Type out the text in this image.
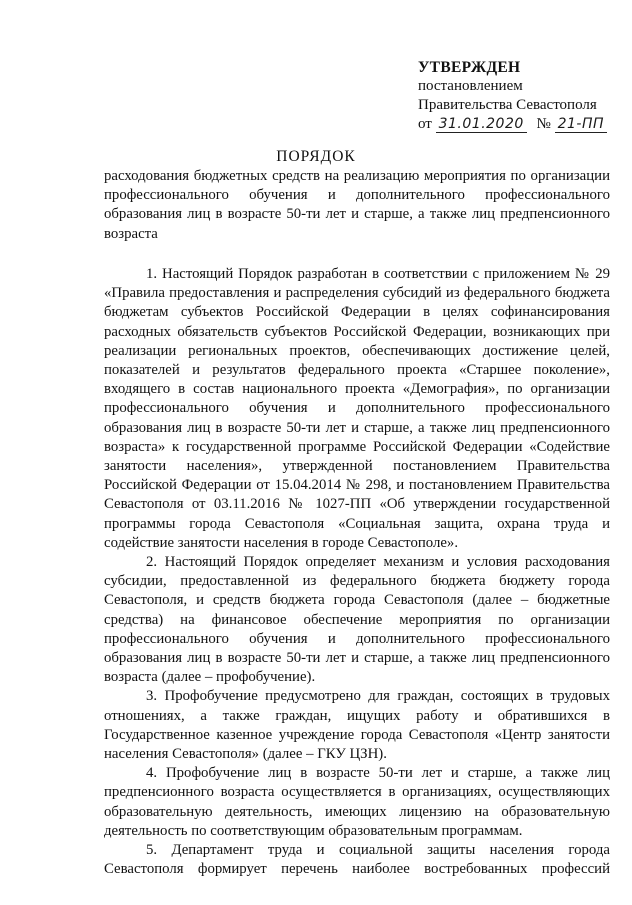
УТВЕРЖДЕН
постановлением
Правительства Севастополя
от 31.01.2020 № 21-ПП
ПОРЯДОК
расходования бюджетных средств на реализацию мероприятия по организации профессионального обучения и дополнительного профессионального образования лиц в возрасте 50-ти лет и старше, а также лиц предпенсионного возраста

1. Настоящий Порядок разработан в соответствии с приложением № 29 «Правила предоставления и распределения субсидий из федерального бюджета бюджетам субъектов Российской Федерации в целях софинансирования расходных обязательств субъектов Российской Федерации, возникающих при реализации региональных проектов, обеспечивающих достижение целей, показателей и результатов федерального проекта «Старшее поколение», входящего в состав национального проекта «Демография», по организации профессионального обучения и дополнительного профессионального образования лиц в возрасте 50-ти лет и старше, а также лиц предпенсионного возраста» к государственной программе Российской Федерации «Содействие занятости населения», утвержденной постановлением Правительства Российской Федерации от 15.04.2014 № 298, и постановлением Правительства Севастополя от 03.11.2016 № 1027-ПП «Об утверждении государственной программы города Севастополя «Социальная защита, охрана труда и содействие занятости населения в городе Севастополе».

2. Настоящий Порядок определяет механизм и условия расходования субсидии, предоставленной из федерального бюджета бюджету города Севастополя, и средств бюджета города Севастополя (далее – бюджетные средства) на финансовое обеспечение мероприятия по организации профессионального обучения и дополнительного профессионального образования лиц в возрасте 50-ти лет и старше, а также лиц предпенсионного возраста (далее – профобучение).

3. Профобучение предусмотрено для граждан, состоящих в трудовых отношениях, а также граждан, ищущих работу и обратившихся в Государственное казенное учреждение города Севастополя «Центр занятости населения Севастополя» (далее – ГКУ ЦЗН).

4. Профобучение лиц в возрасте 50-ти лет и старше, а также лиц предпенсионного возраста осуществляется в организациях, осуществляющих образовательную деятельность, имеющих лицензию на образовательную деятельность по соответствующим образовательным программам.

5. Департамент труда и социальной защиты населения города Севастополя формирует перечень наиболее востребованных профессий
